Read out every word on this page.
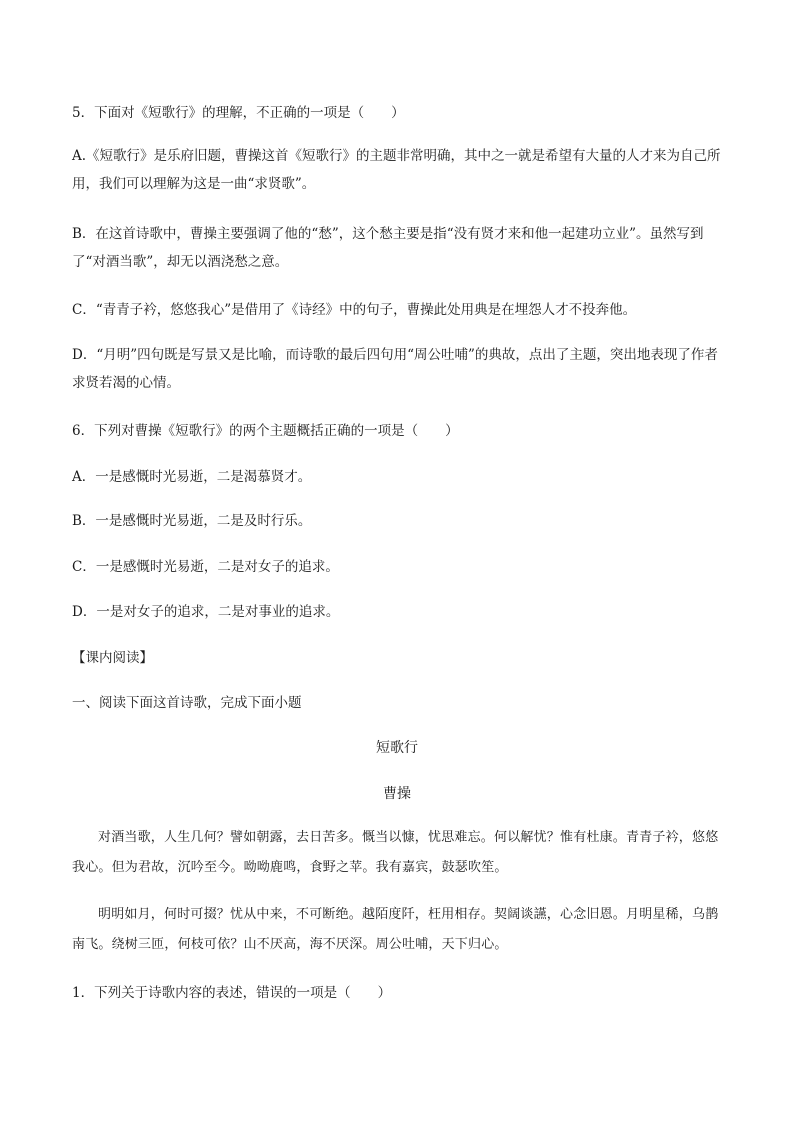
5．下面对《短歌行》的理解，不正确的一项是（　　）
A.《短歌行》是乐府旧题，曹操这首《短歌行》的主题非常明确，其中之一就是希望有大量的人才来为自己所用，我们可以理解为这是一曲“求贤歌”。
B．在这首诗歌中，曹操主要强调了他的“愁”，这个愁主要是指“没有贤才来和他一起建功立业”。虽然写到了“对酒当歌”，却无以酒浇愁之意。
C．“青青子衿，悠悠我心”是借用了《诗经》中的句子，曹操此处用典是在埋怨人才不投奔他。
D．“月明”四句既是写景又是比喻，而诗歌的最后四句用“周公吐哺”的典故，点出了主题，突出地表现了作者求贤若渴的心情。
6．下列对曹操《短歌行》的两个主题概括正确的一项是（　　）
A．一是感慨时光易逝，二是渴慕贤才。
B．一是感慨时光易逝，二是及时行乐。
C．一是感慨时光易逝，二是对女子的追求。
D．一是对女子的追求，二是对事业的追求。
【课内阅读】
一、阅读下面这首诗歌，完成下面小题
短歌行
曹操
对酒当歌，人生几何？譬如朝露，去日苦多。慨当以慷，忧思难忘。何以解忧？惟有杜康。青青子衿，悠悠我心。但为君故，沉吟至今。呦呦鹿鸣，食野之苹。我有嘉宾，鼓瑟吹笙。
明明如月，何时可掇？忧从中来，不可断绝。越陌度阡，枉用相存。契阔谈讌，心念旧恩。月明星稀，乌鹊南飞。绕树三匝，何枝可依？山不厌高，海不厌深。周公吐哺，天下归心。
1．下列关于诗歌内容的表述，错误的一项是（　　）
